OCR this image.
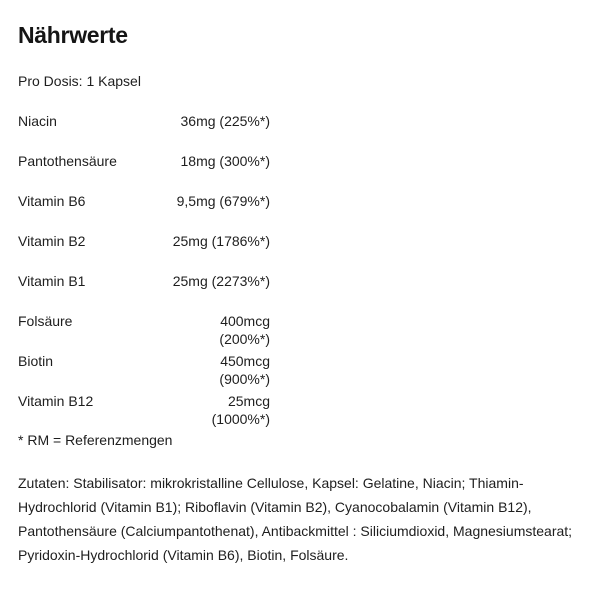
Nährwerte
Pro Dosis: 1 Kapsel
Niacin	36mg (225%*)
Pantothensäure	18mg (300%*)
Vitamin B6	9,5mg (679%*)
Vitamin B2	25mg (1786%*)
Vitamin B1	25mg (2273%*)
Folsäure	400mcg (200%*)
Biotin	450mcg (900%*)
Vitamin B12	25mcg (1000%*)
* RM = Referenzmengen
Zutaten: Stabilisator: mikrokristalline Cellulose, Kapsel: Gelatine, Niacin; Thiamin-Hydrochlorid (Vitamin B1); Riboflavin (Vitamin B2), Cyanocobalamin (Vitamin B12), Pantothensäure (Calciumpantothenat), Antibackmittel : Siliciumdioxid, Magnesiumstearat; Pyridoxin-Hydrochlorid (Vitamin B6), Biotin, Folsäure.
